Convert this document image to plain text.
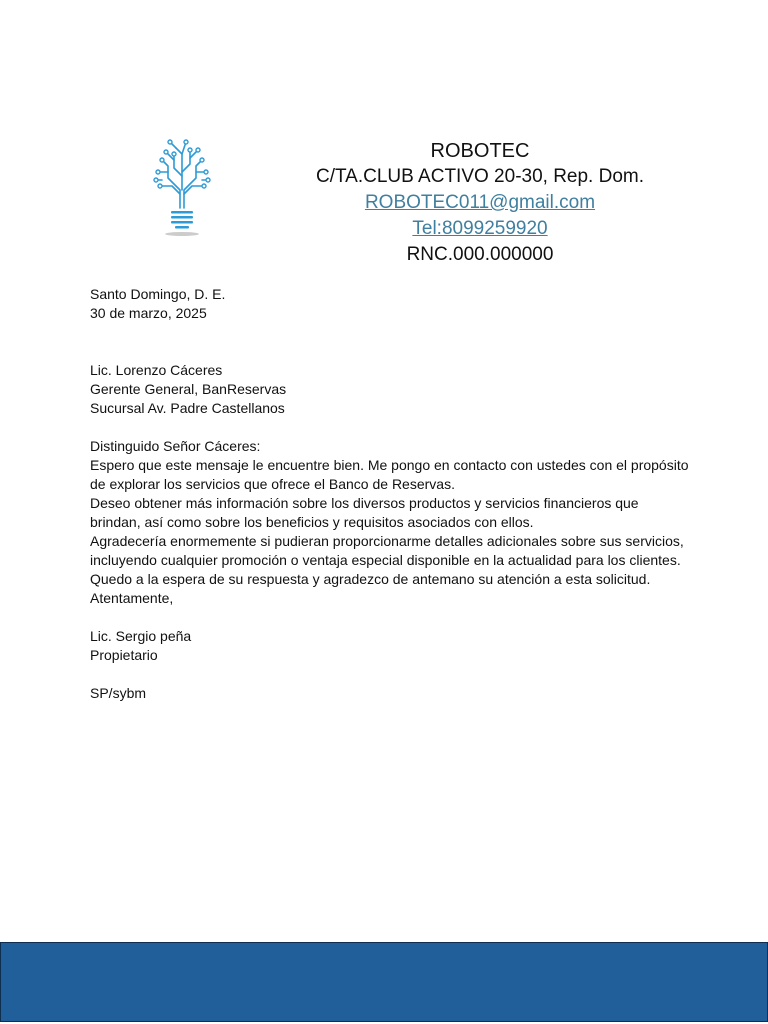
ROBOTEC
C/TA.CLUB ACTIVO 20-30, Rep. Dom.
ROBOTEC011@gmail.com
Tel:8099259920
RNC.000.000000
Santo Domingo, D. E.
30 de marzo, 2025
Lic. Lorenzo Cáceres
Gerente General, BanReservas
Sucursal Av. Padre Castellanos
Distinguido Señor Cáceres:
Espero que este mensaje le encuentre bien. Me pongo en contacto con ustedes con el propósito de explorar los servicios que ofrece el Banco de Reservas.
Deseo obtener más información sobre los diversos productos y servicios financieros que brindan, así como sobre los beneficios y requisitos asociados con ellos.
Agradecería enormemente si pudieran proporcionarme detalles adicionales sobre sus servicios, incluyendo cualquier promoción o ventaja especial disponible en la actualidad para los clientes.
Quedo a la espera de su respuesta y agradezco de antemano su atención a esta solicitud.
Atentamente,
Lic. Sergio peña
Propietario
SP/sybm
